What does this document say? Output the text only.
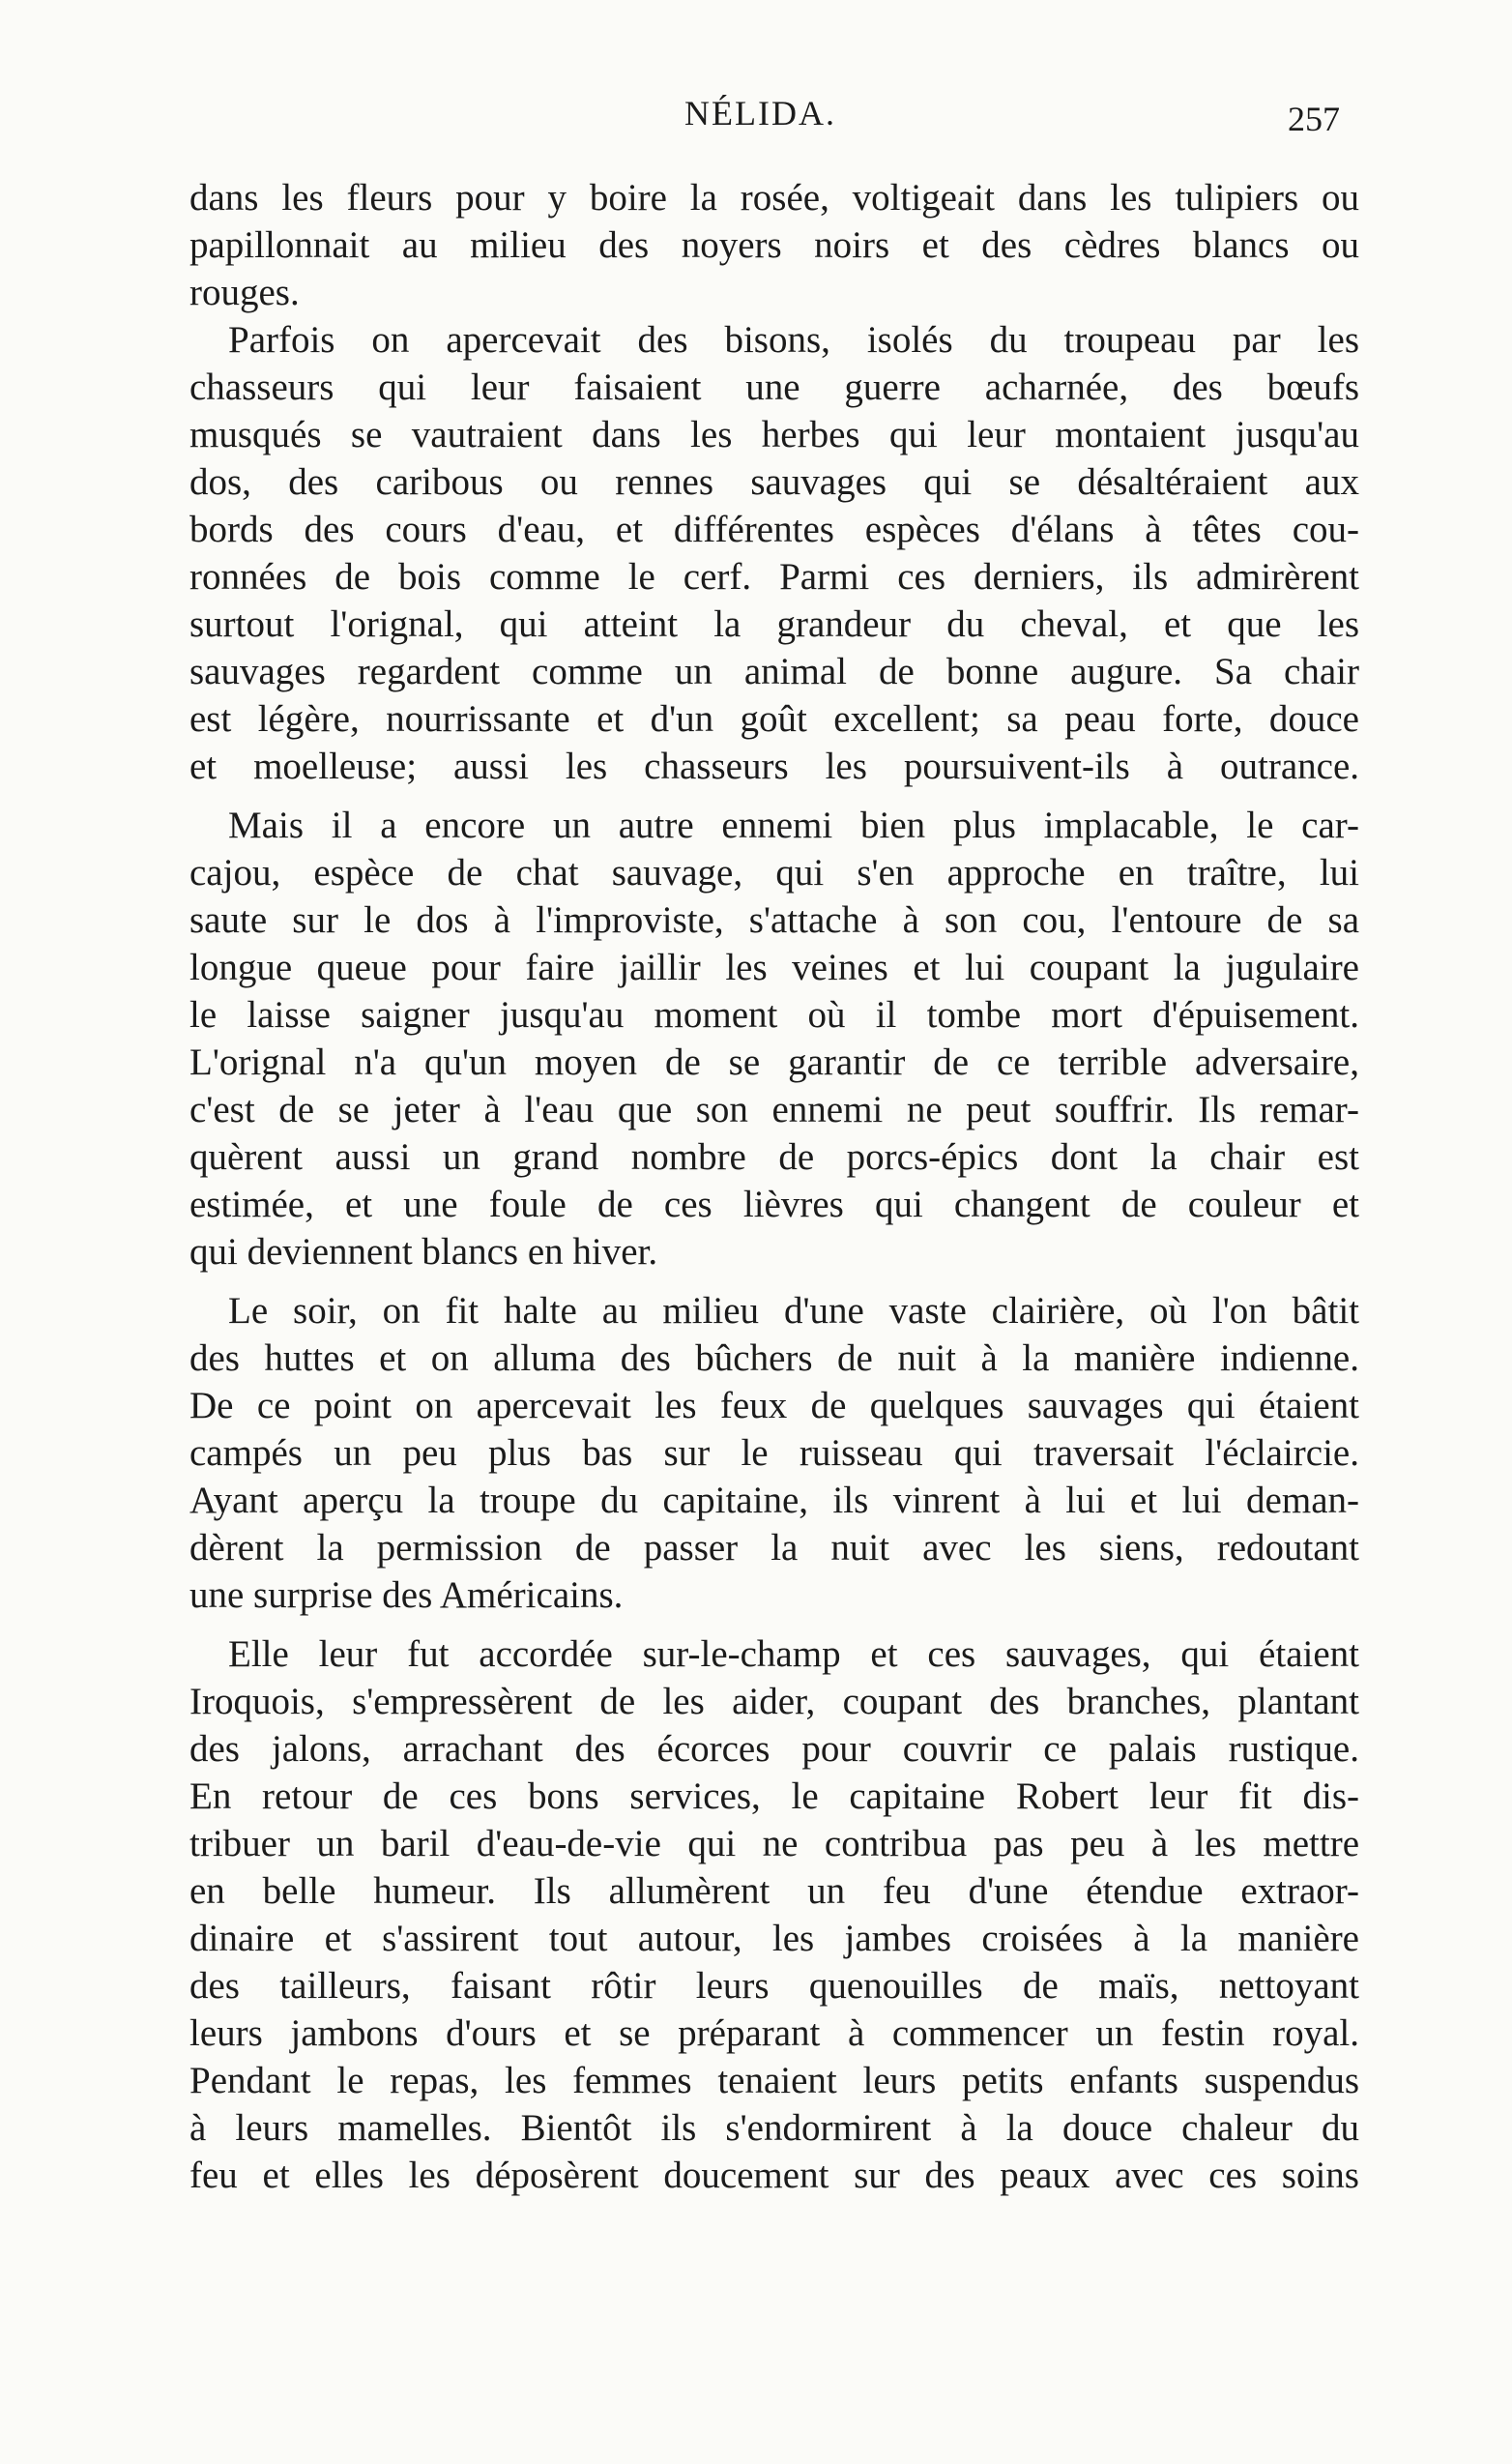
NÉLIDA.	257
dans les fleurs pour y boire la rosée, voltigeait dans les tulipiers ou
papillonnait au milieu des noyers noirs et des cèdres blancs ou
rouges.
Parfois on apercevait des bisons, isolés du troupeau par les
chasseurs qui leur faisaient une guerre acharnée, des bœufs
musqués se vautraient dans les herbes qui leur montaient jusqu'au
dos, des caribous ou rennes sauvages qui se désaltéraient aux
bords des cours d'eau, et différentes espèces d'élans à têtes cou-
ronnées de bois comme le cerf. Parmi ces derniers, ils admirèrent
surtout l'orignal, qui atteint la grandeur du cheval, et que les
sauvages regardent comme un animal de bonne augure. Sa chair
est légère, nourrissante et d'un goût excellent; sa peau forte, douce
et moelleuse; aussi les chasseurs les poursuivent-ils à outrance.
Mais il a encore un autre ennemi bien plus implacable, le car-
cajou, espèce de chat sauvage, qui s'en approche en traître, lui
saute sur le dos à l'improviste, s'attache à son cou, l'entoure de sa
longue queue pour faire jaillir les veines et lui coupant la jugulaire
le laisse saigner jusqu'au moment où il tombe mort d'épuisement.
L'orignal n'a qu'un moyen de se garantir de ce terrible adversaire,
c'est de se jeter à l'eau que son ennemi ne peut souffrir. Ils remar-
quèrent aussi un grand nombre de porcs-épics dont la chair est
estimée, et une foule de ces lièvres qui changent de couleur et
qui deviennent blancs en hiver.
Le soir, on fit halte au milieu d'une vaste clairière, où l'on bâtit
des huttes et on alluma des bûchers de nuit à la manière indienne.
De ce point on apercevait les feux de quelques sauvages qui étaient
campés un peu plus bas sur le ruisseau qui traversait l'éclaircie.
Ayant aperçu la troupe du capitaine, ils vinrent à lui et lui deman-
dèrent la permission de passer la nuit avec les siens, redoutant
une surprise des Américains.
Elle leur fut accordée sur-le-champ et ces sauvages, qui étaient
Iroquois, s'empressèrent de les aider, coupant des branches, plantant
des jalons, arrachant des écorces pour couvrir ce palais rustique.
En retour de ces bons services, le capitaine Robert leur fit dis-
tribuer un baril d'eau-de-vie qui ne contribua pas peu à les mettre
en belle humeur. Ils allumèrent un feu d'une étendue extraor-
dinaire et s'assirent tout autour, les jambes croisées à la manière
des tailleurs, faisant rôtir leurs quenouilles de maïs, nettoyant
leurs jambons d'ours et se préparant à commencer un festin royal.
Pendant le repas, les femmes tenaient leurs petits enfants suspendus
à leurs mamelles. Bientôt ils s'endormirent à la douce chaleur du
feu et elles les déposèrent doucement sur des peaux avec ces soins
